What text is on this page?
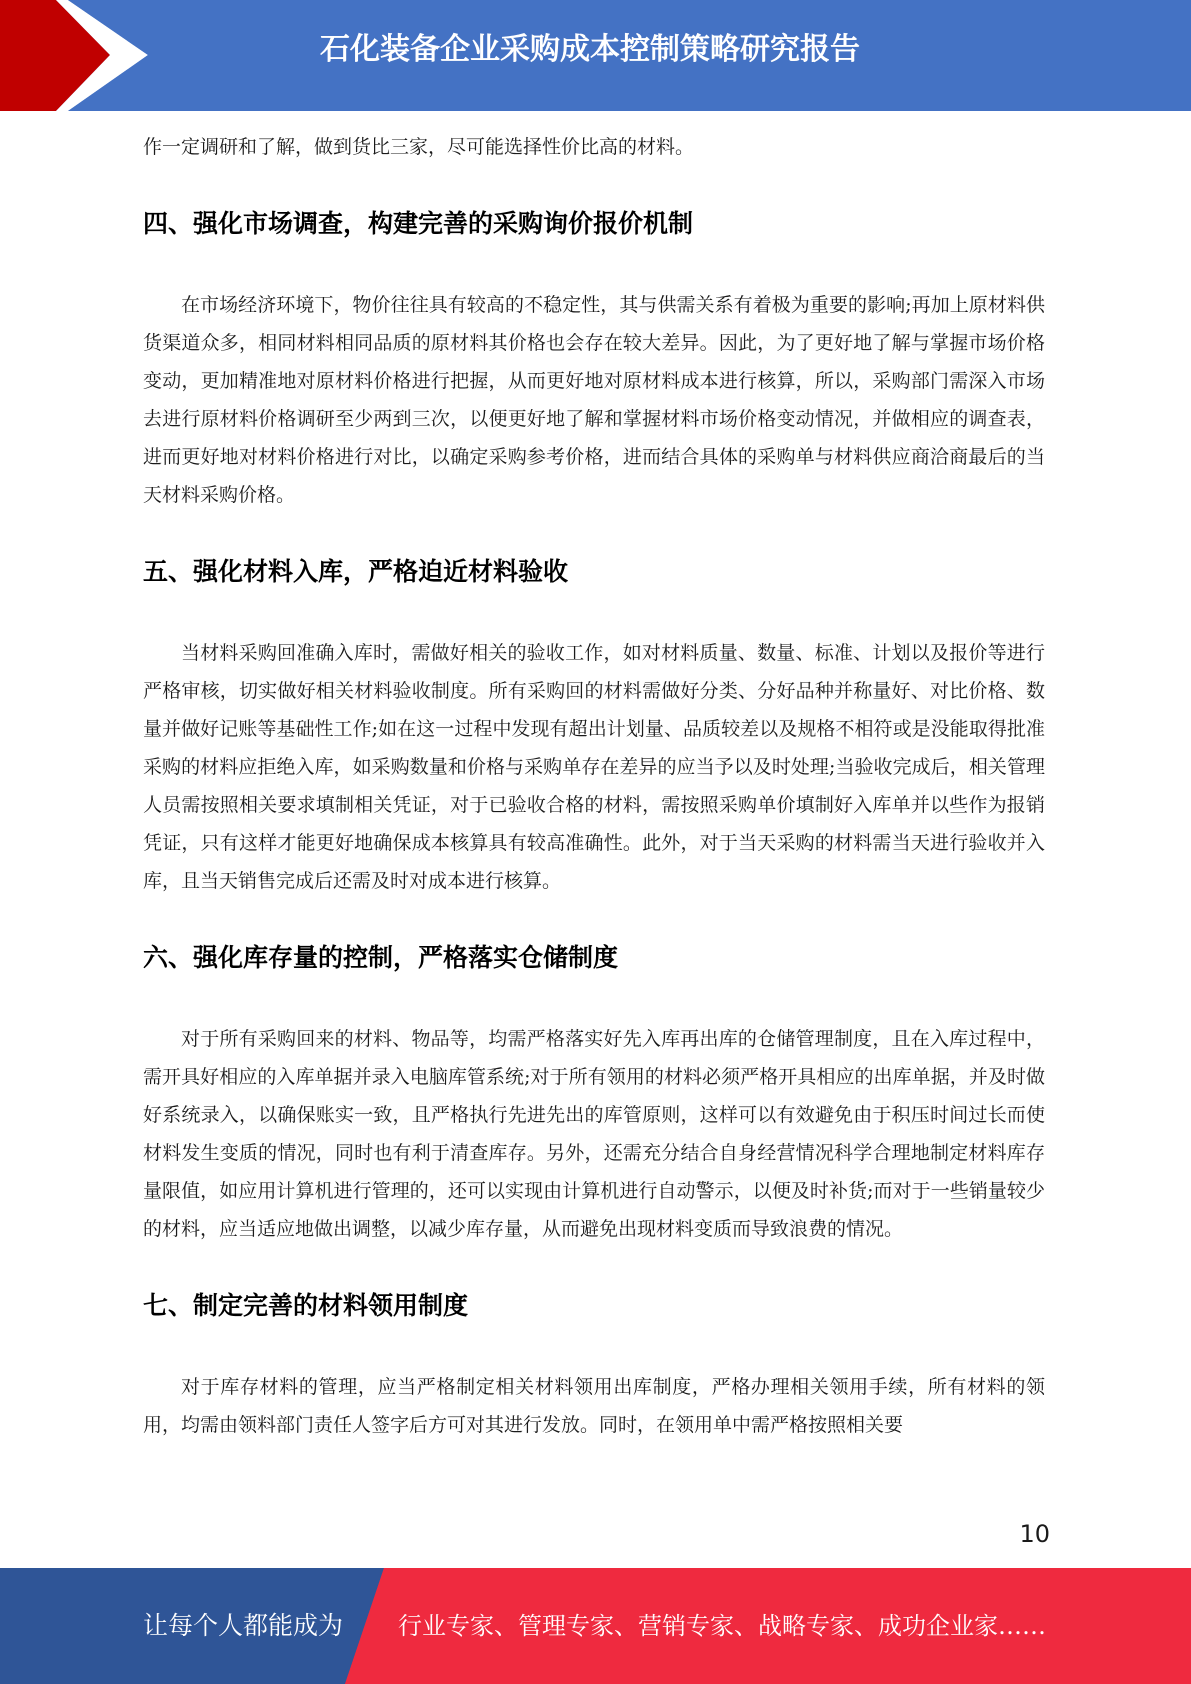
石化装备企业采购成本控制策略研究报告

作一定调研和了解，做到货比三家，尽可能选择性价比高的材料。

四、强化市场调查，构建完善的采购询价报价机制

在市场经济环境下，物价往往具有较高的不稳定性，其与供需关系有着极为重要的影响;再加上原材料供货渠道众多，相同材料相同品质的原材料其价格也会存在较大差异。因此，为了更好地了解与掌握市场价格变动，更加精准地对原材料价格进行把握，从而更好地对原材料成本进行核算，所以，采购部门需深入市场去进行原材料价格调研至少两到三次，以便更好地了解和掌握材料市场价格变动情况，并做相应的调查表，进而更好地对材料价格进行对比，以确定采购参考价格，进而结合具体的采购单与材料供应商洽商最后的当天材料采购价格。

五、强化材料入库，严格迫近材料验收

当材料采购回准确入库时，需做好相关的验收工作，如对材料质量、数量、标准、计划以及报价等进行严格审核，切实做好相关材料验收制度。所有采购回的材料需做好分类、分好品种并称量好、对比价格、数量并做好记账等基础性工作;如在这一过程中发现有超出计划量、品质较差以及规格不相符或是没能取得批准采购的材料应拒绝入库，如采购数量和价格与采购单存在差异的应当予以及时处理;当验收完成后，相关管理人员需按照相关要求填制相关凭证，对于已验收合格的材料，需按照采购单价填制好入库单并以些作为报销凭证，只有这样才能更好地确保成本核算具有较高准确性。此外，对于当天采购的材料需当天进行验收并入库，且当天销售完成后还需及时对成本进行核算。

六、强化库存量的控制，严格落实仓储制度

对于所有采购回来的材料、物品等，均需严格落实好先入库再出库的仓储管理制度，且在入库过程中，需开具好相应的入库单据并录入电脑库管系统;对于所有领用的材料必须严格开具相应的出库单据，并及时做好系统录入，以确保账实一致，且严格执行先进先出的库管原则，这样可以有效避免由于积压时间过长而使材料发生变质的情况，同时也有利于清查库存。另外，还需充分结合自身经营情况科学合理地制定材料库存量限值，如应用计算机进行管理的，还可以实现由计算机进行自动警示，以便及时补货;而对于一些销量较少的材料，应当适应地做出调整，以减少库存量，从而避免出现材料变质而导致浪费的情况。

七、制定完善的材料领用制度

对于库存材料的管理，应当严格制定相关材料领用出库制度，严格办理相关领用手续，所有材料的领用，均需由领料部门责任人签字后方可对其进行发放。同时，在领用单中需严格按照相关要

10
让每个人都能成为 行业专家、管理专家、营销专家、战略专家、成功企业家……
